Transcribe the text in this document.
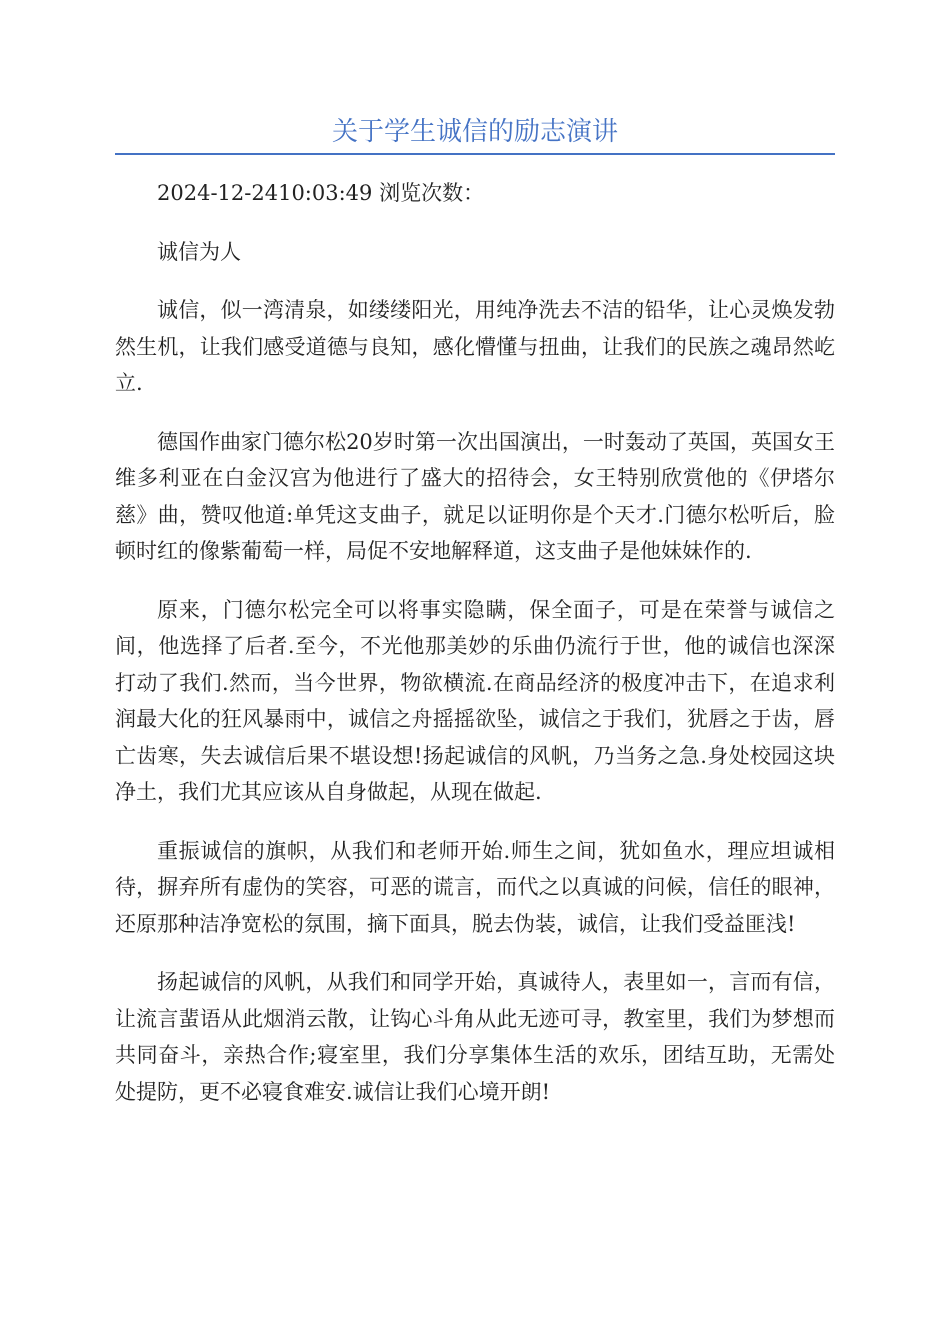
关于学生诚信的励志演讲

2024-12-2410:03:49 浏览次数：

诚信为人

诚信，似一湾清泉，如缕缕阳光，用纯净洗去不洁的铅华，让心灵焕发勃然生机，让我们感受道德与良知，感化懵懂与扭曲，让我们的民族之魂昂然屹立.

德国作曲家门德尔松20岁时第一次出国演出，一时轰动了英国，英国女王维多利亚在白金汉宫为他进行了盛大的招待会，女王特别欣赏他的《伊塔尔慈》曲，赞叹他道:单凭这支曲子，就足以证明你是个天才.门德尔松听后，脸顿时红的像紫葡萄一样，局促不安地解释道，这支曲子是他妹妹作的.

原来，门德尔松完全可以将事实隐瞒，保全面子，可是在荣誉与诚信之间，他选择了后者.至今，不光他那美妙的乐曲仍流行于世，他的诚信也深深打动了我们.然而，当今世界，物欲横流.在商品经济的极度冲击下，在追求利润最大化的狂风暴雨中，诚信之舟摇摇欲坠，诚信之于我们，犹唇之于齿，唇亡齿寒，失去诚信后果不堪设想!扬起诚信的风帆，乃当务之急.身处校园这块净土，我们尤其应该从自身做起，从现在做起.

重振诚信的旗帜，从我们和老师开始.师生之间，犹如鱼水，理应坦诚相待，摒弃所有虚伪的笑容，可恶的谎言，而代之以真诚的问候，信任的眼神，还原那种洁净宽松的氛围，摘下面具，脱去伪装，诚信，让我们受益匪浅!

扬起诚信的风帆，从我们和同学开始，真诚待人，表里如一，言而有信，让流言蜚语从此烟消云散，让钩心斗角从此无迹可寻，教室里，我们为梦想而共同奋斗，亲热合作;寝室里，我们分享集体生活的欢乐，团结互助，无需处处提防，更不必寝食难安.诚信让我们心境开朗!
